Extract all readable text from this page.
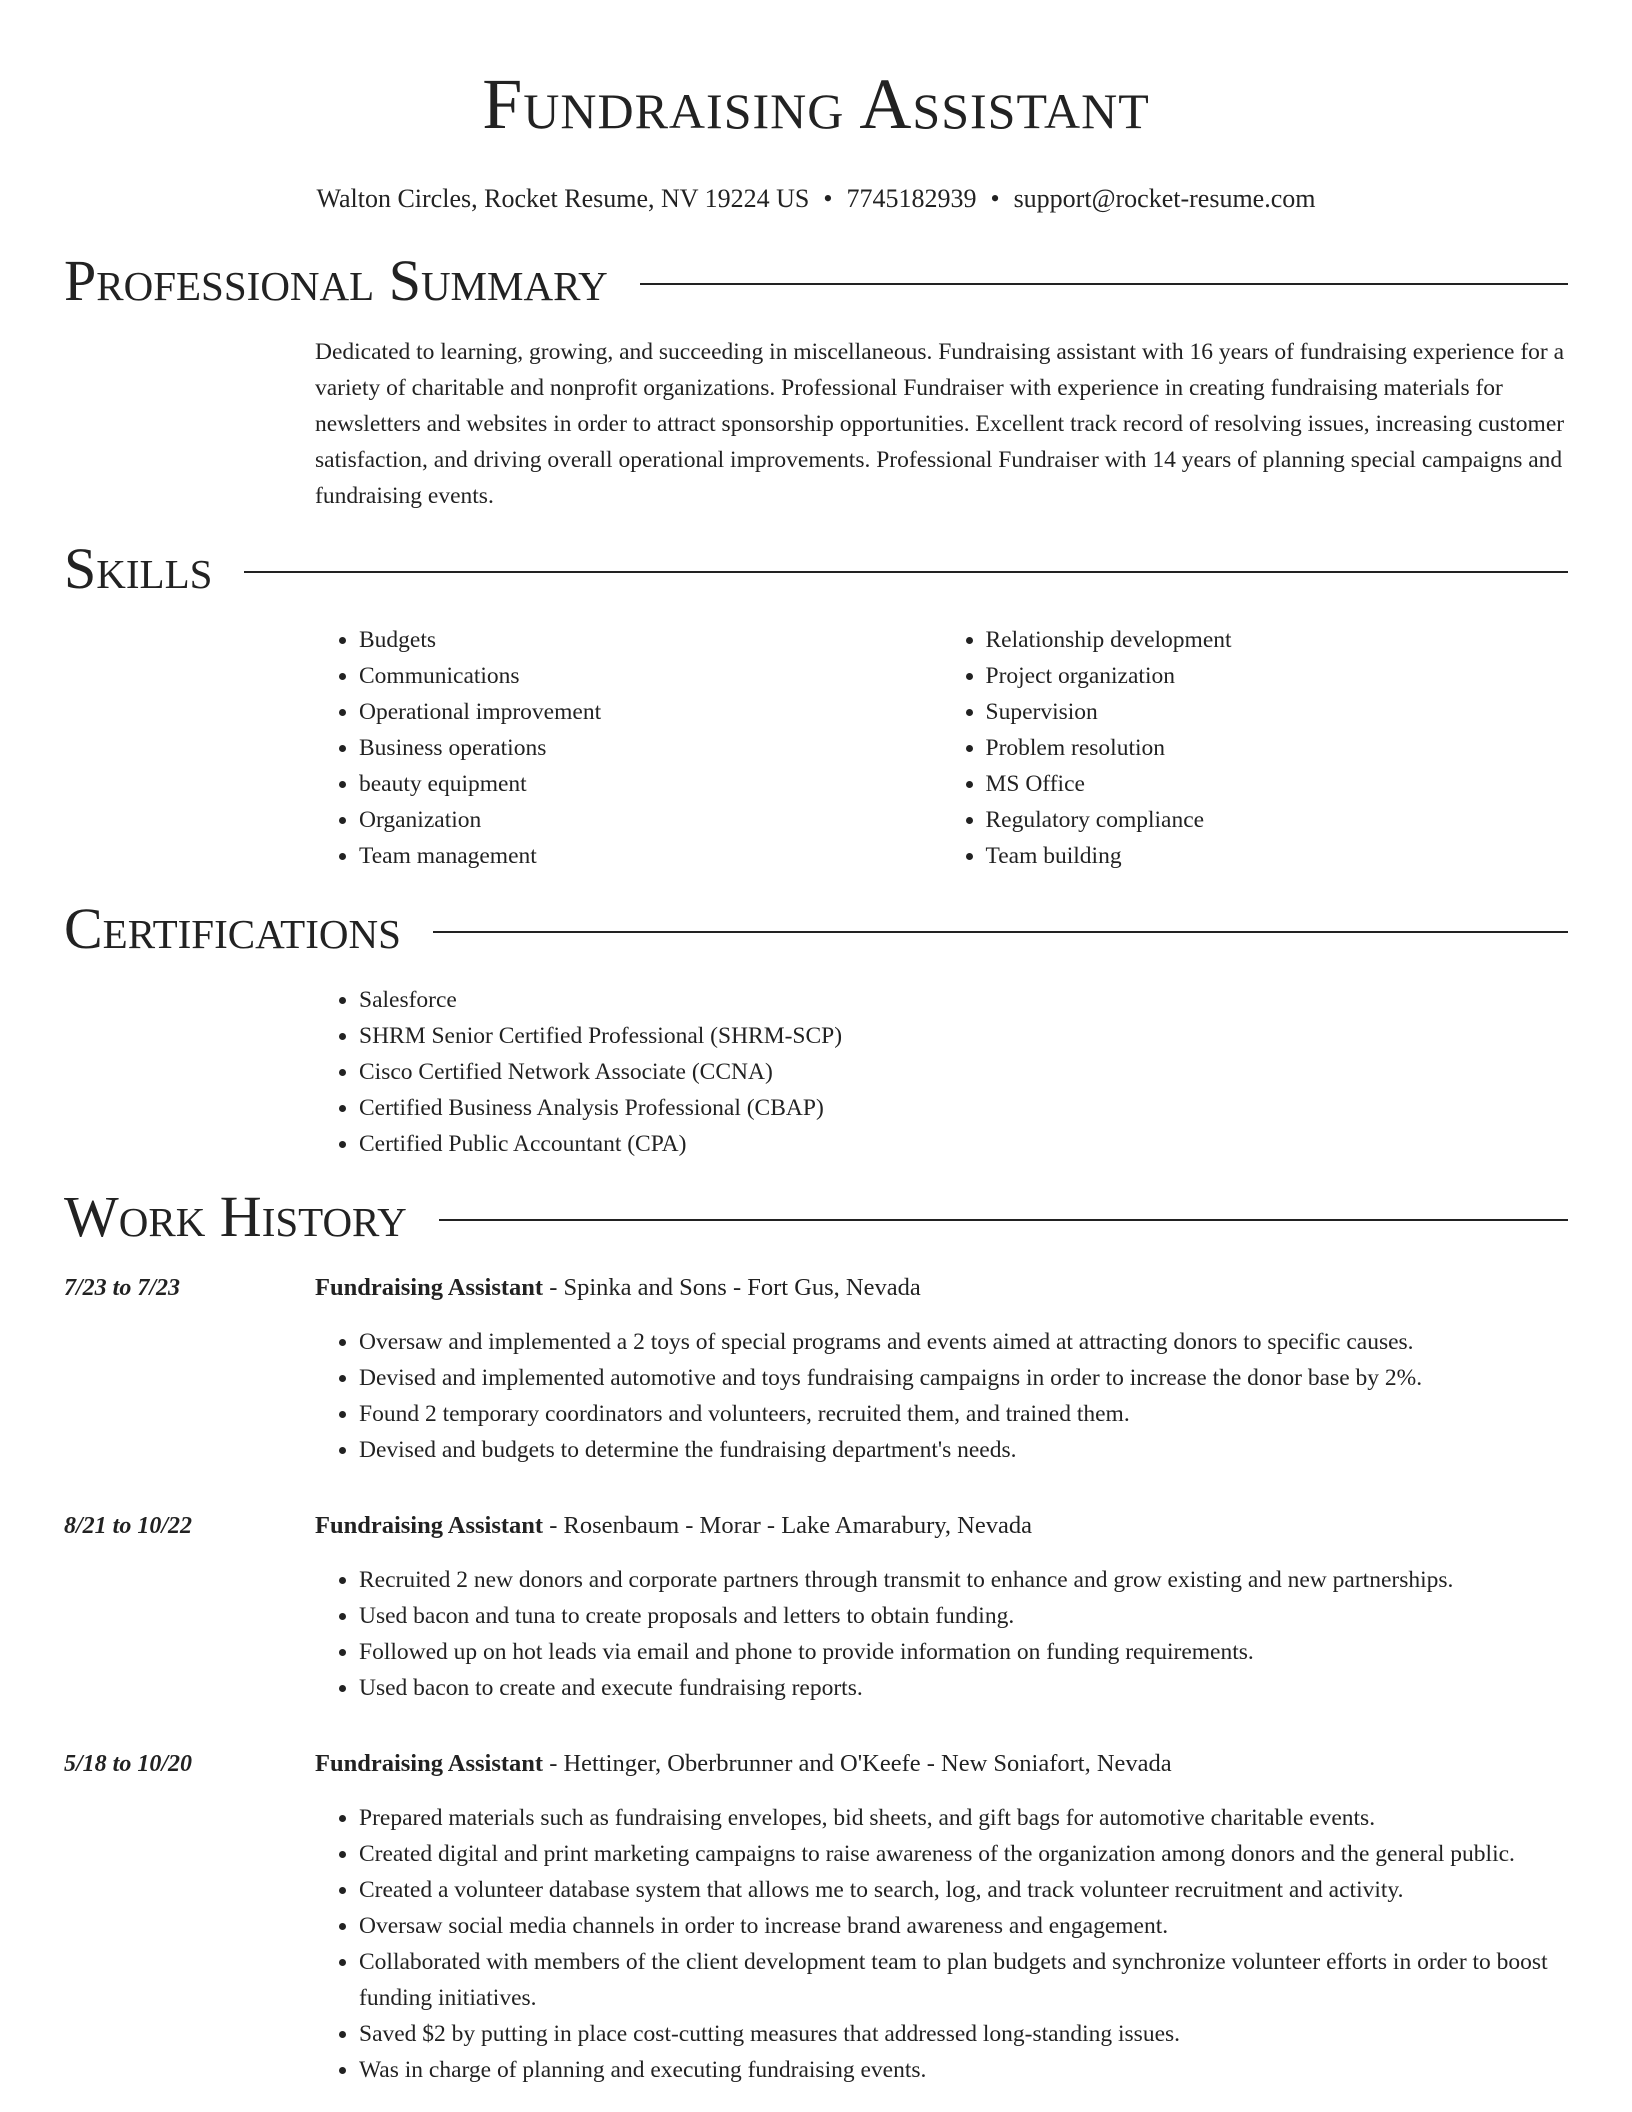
Fundraising Assistant
Walton Circles, Rocket Resume, NV 19224 US • 7745182939 • support@rocket-resume.com
Professional Summary
Dedicated to learning, growing, and succeeding in miscellaneous. Fundraising assistant with 16 years of fundraising experience for a variety of charitable and nonprofit organizations. Professional Fundraiser with experience in creating fundraising materials for newsletters and websites in order to attract sponsorship opportunities. Excellent track record of resolving issues, increasing customer satisfaction, and driving overall operational improvements. Professional Fundraiser with 14 years of planning special campaigns and fundraising events.
Skills
• Budgets
• Communications
• Operational improvement
• Business operations
• beauty equipment
• Organization
• Team management
• Relationship development
• Project organization
• Supervision
• Problem resolution
• MS Office
• Regulatory compliance
• Team building
Certifications
• Salesforce
• SHRM Senior Certified Professional (SHRM-SCP)
• Cisco Certified Network Associate (CCNA)
• Certified Business Analysis Professional (CBAP)
• Certified Public Accountant (CPA)
Work History
7/23 to 7/23	Fundraising Assistant - Spinka and Sons - Fort Gus, Nevada
• Oversaw and implemented a 2 toys of special programs and events aimed at attracting donors to specific causes.
• Devised and implemented automotive and toys fundraising campaigns in order to increase the donor base by 2%.
• Found 2 temporary coordinators and volunteers, recruited them, and trained them.
• Devised and budgets to determine the fundraising department's needs.
8/21 to 10/22	Fundraising Assistant - Rosenbaum - Morar - Lake Amarabury, Nevada
• Recruited 2 new donors and corporate partners through transmit to enhance and grow existing and new partnerships.
• Used bacon and tuna to create proposals and letters to obtain funding.
• Followed up on hot leads via email and phone to provide information on funding requirements.
• Used bacon to create and execute fundraising reports.
5/18 to 10/20	Fundraising Assistant - Hettinger, Oberbrunner and O'Keefe - New Soniafort, Nevada
• Prepared materials such as fundraising envelopes, bid sheets, and gift bags for automotive charitable events.
• Created digital and print marketing campaigns to raise awareness of the organization among donors and the general public.
• Created a volunteer database system that allows me to search, log, and track volunteer recruitment and activity.
• Oversaw social media channels in order to increase brand awareness and engagement.
• Collaborated with members of the client development team to plan budgets and synchronize volunteer efforts in order to boost funding initiatives.
• Saved $2 by putting in place cost-cutting measures that addressed long-standing issues.
• Was in charge of planning and executing fundraising events.
